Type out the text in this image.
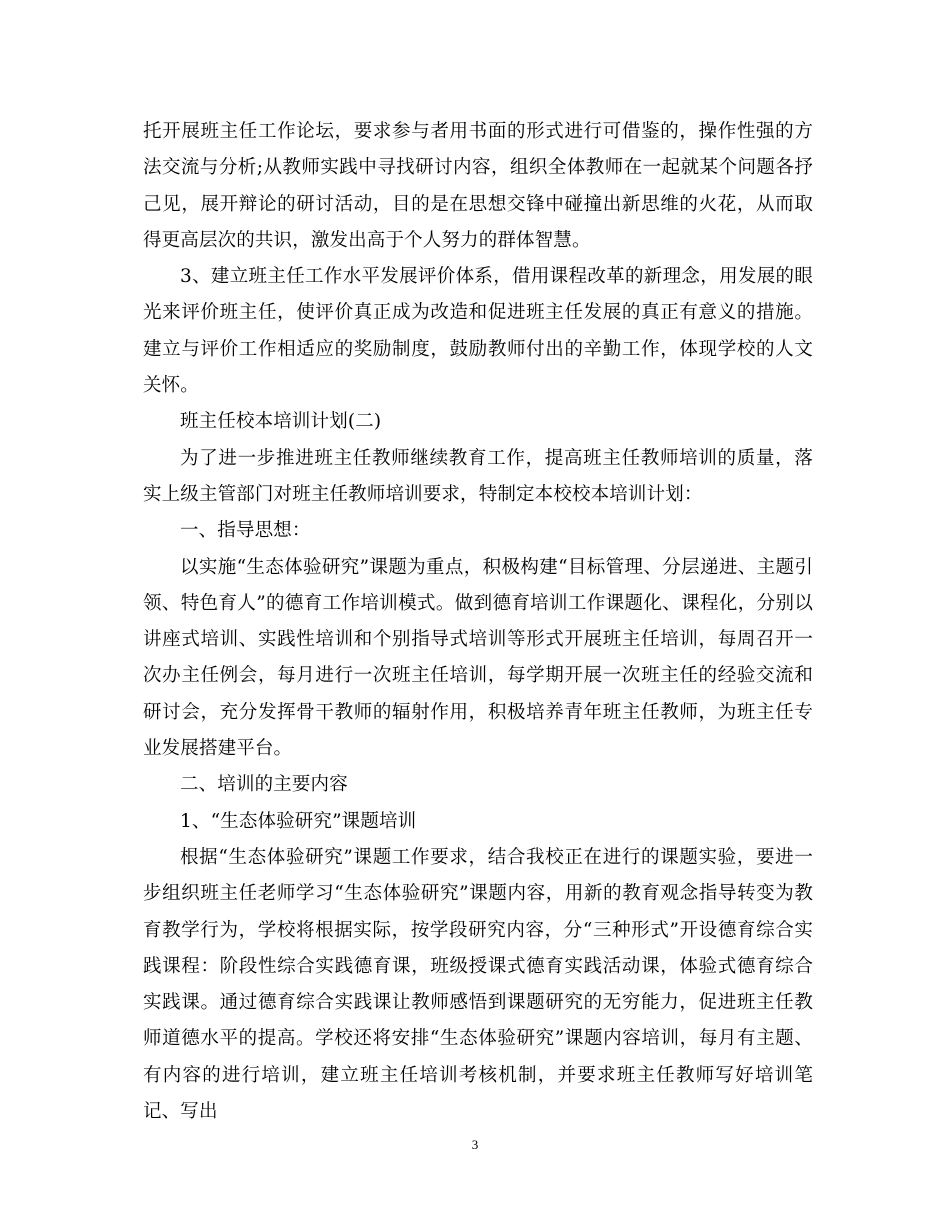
托开展班主任工作论坛，要求参与者用书面的形式进行可借鉴的，操作性强的方法交流与分析;从教师实践中寻找研讨内容，组织全体教师在一起就某个问题各抒己见，展开辩论的研讨活动，目的是在思想交锋中碰撞出新思维的火花，从而取得更高层次的共识，激发出高于个人努力的群体智慧。

3、建立班主任工作水平发展评价体系，借用课程改革的新理念，用发展的眼光来评价班主任，使评价真正成为改造和促进班主任发展的真正有意义的措施。建立与评价工作相适应的奖励制度，鼓励教师付出的辛勤工作，体现学校的人文关怀。

班主任校本培训计划(二)

为了进一步推进班主任教师继续教育工作，提高班主任教师培训的质量，落实上级主管部门对班主任教师培训要求，特制定本校校本培训计划：

一、指导思想：

以实施“生态体验研究”课题为重点，积极构建“目标管理、分层递进、主题引领、特色育人”的德育工作培训模式。做到德育培训工作课题化、课程化，分别以讲座式培训、实践性培训和个别指导式培训等形式开展班主任培训，每周召开一次办主任例会，每月进行一次班主任培训，每学期开展一次班主任的经验交流和研讨会，充分发挥骨干教师的辐射作用，积极培养青年班主任教师，为班主任专业发展搭建平台。

二、培训的主要内容

1、“生态体验研究”课题培训

根据“生态体验研究”课题工作要求，结合我校正在进行的课题实验，要进一步组织班主任老师学习“生态体验研究”课题内容，用新的教育观念指导转变为教育教学行为，学校将根据实际，按学段研究内容，分“三种形式”开设德育综合实践课程：阶段性综合实践德育课，班级授课式德育实践活动课，体验式德育综合实践课。通过德育综合实践课让教师感悟到课题研究的无穷能力，促进班主任教师道德水平的提高。学校还将安排“生态体验研究”课题内容培训，每月有主题、有内容的进行培训，建立班主任培训考核机制，并要求班主任教师写好培训笔记、写出

3
